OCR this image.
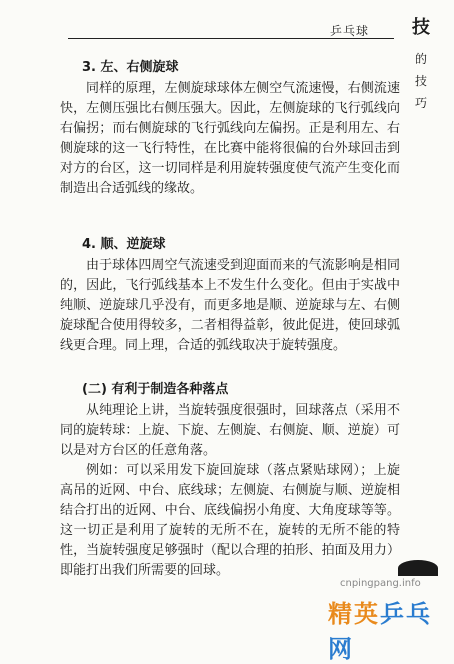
乒乓球 技
的
技
巧
3. 左、右侧旋球

同样的原理，左侧旋球球体左侧空气流速慢，右侧流速快，左侧压强比右侧压强大。因此，左侧旋球的飞行弧线向右偏拐；而右侧旋球的飞行弧线向左偏拐。正是利用左、右侧旋球的这一飞行特性，在比赛中能将很偏的台外球回击到对方的台区，这一切同样是利用旋转强度使气流产生变化而制造出合适弧线的缘故。

4. 顺、逆旋球

由于球体四周空气流速受到迎面而来的气流影响是相同的，因此，飞行弧线基本上不发生什么变化。但由于实战中纯顺、逆旋球几乎没有，而更多地是顺、逆旋球与左、右侧旋球配合使用得较多，二者相得益彰，彼此促进，使回球弧线更合理。同上理，合适的弧线取决于旋转强度。

(二) 有利于制造各种落点

从纯理论上讲，当旋转强度很强时，回球落点（采用不同的旋转球：上旋、下旋、左侧旋、右侧旋、顺、逆旋）可以是对方台区的任意角落。

例如：可以采用发下旋回旋球（落点紧贴球网）；上旋高吊的近网、中台、底线球；左侧旋、右侧旋与顺、逆旋相结合打出的近网、中台、底线偏拐小角度、大角度球等等。这一切正是利用了旋转的无所不在，旋转的无所不能的特性，当旋转强度足够强时（配以合理的拍形、拍面及用力）即能打出我们所需要的回球。

cnpingpang.info
精英乒乓网
